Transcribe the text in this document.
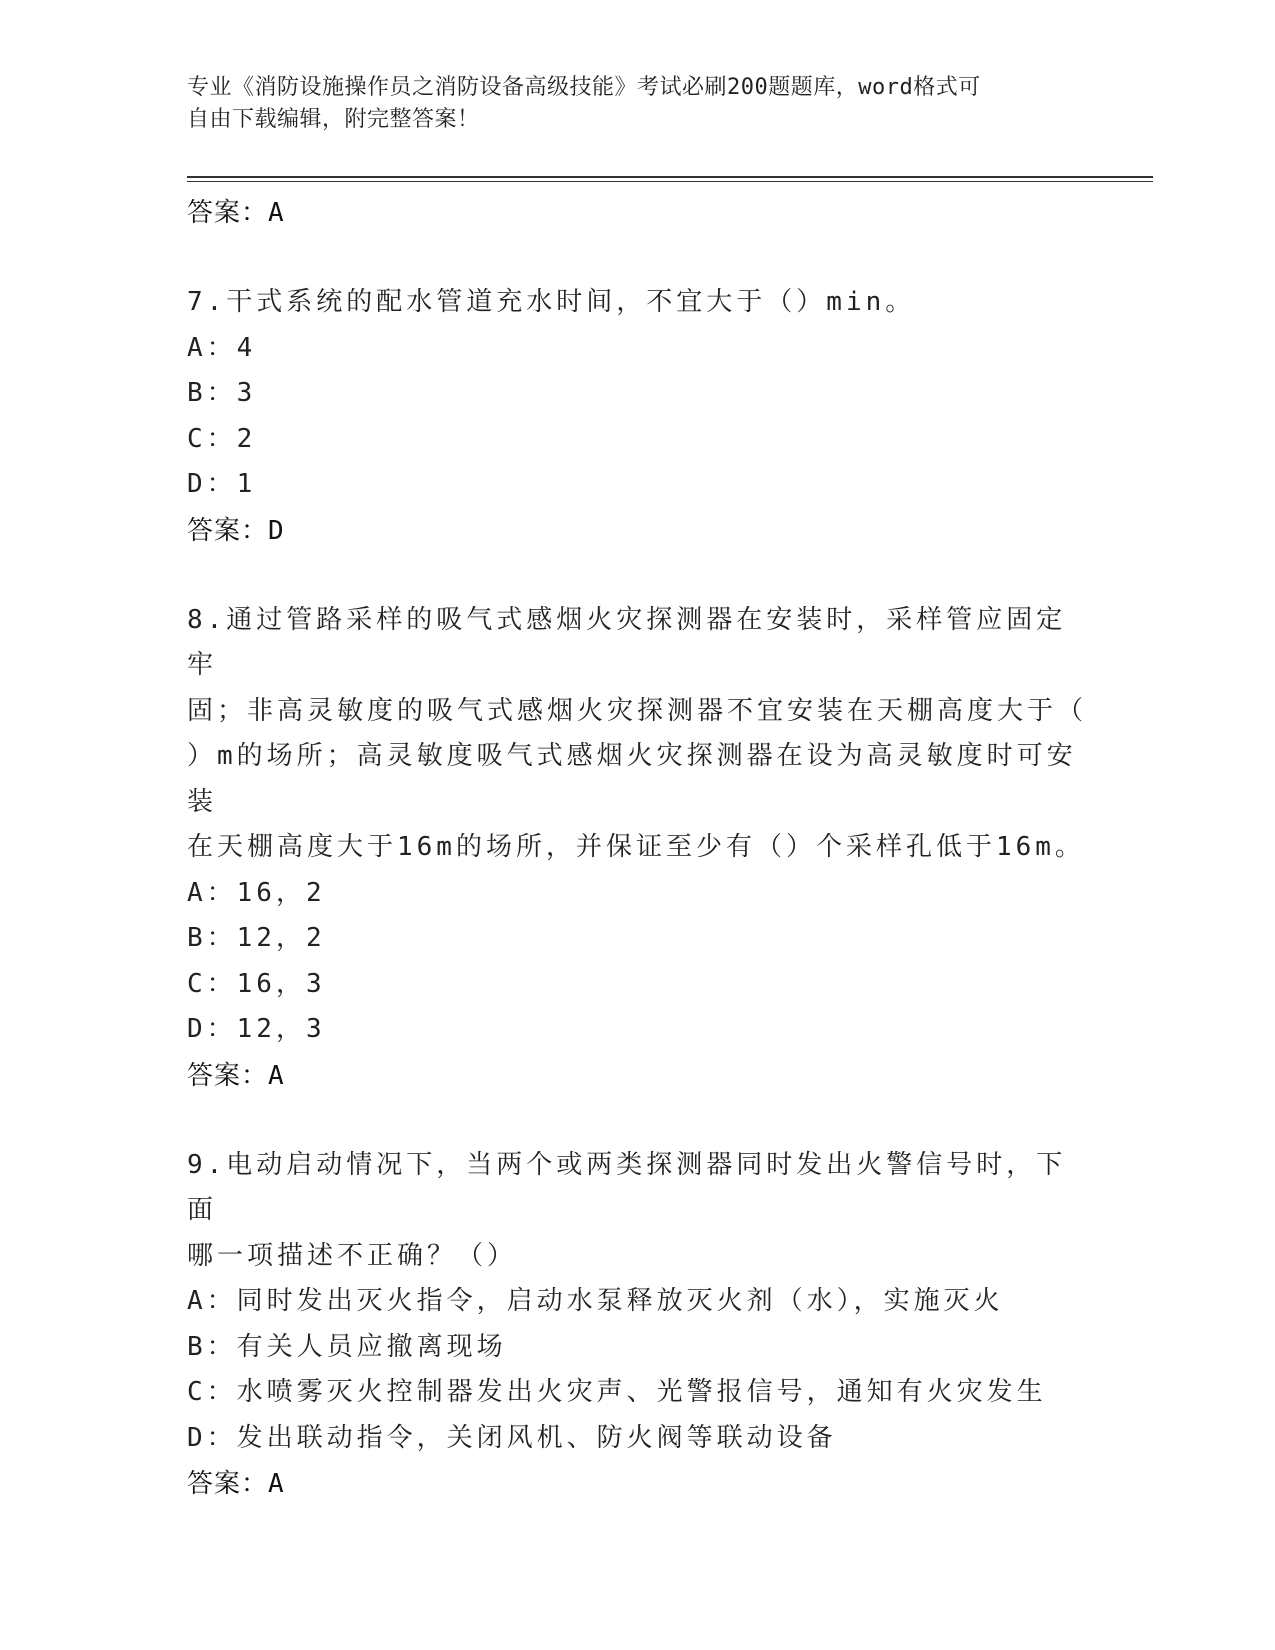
专业《消防设施操作员之消防设备高级技能》考试必刷200题题库，word格式可
自由下载编辑，附完整答案！
答案：A
7.干式系统的配水管道充水时间，不宜大于（）min。
A：4
B：3
C：2
D：1
答案：D
8.通过管路采样的吸气式感烟火灾探测器在安装时，采样管应固定牢
固；非高灵敏度的吸气式感烟火灾探测器不宜安装在天棚高度大于（
）m的场所；高灵敏度吸气式感烟火灾探测器在设为高灵敏度时可安装
在天棚高度大于16m的场所，并保证至少有（）个采样孔低于16m。
A：16，2
B：12，2
C：16，3
D：12，3
答案：A
9.电动启动情况下，当两个或两类探测器同时发出火警信号时，下面
哪一项描述不正确？（）
A：同时发出灭火指令，启动水泵释放灭火剂（水），实施灭火
B：有关人员应撤离现场
C：水喷雾灭火控制器发出火灾声、光警报信号，通知有火灾发生
D：发出联动指令，关闭风机、防火阀等联动设备
答案：A
